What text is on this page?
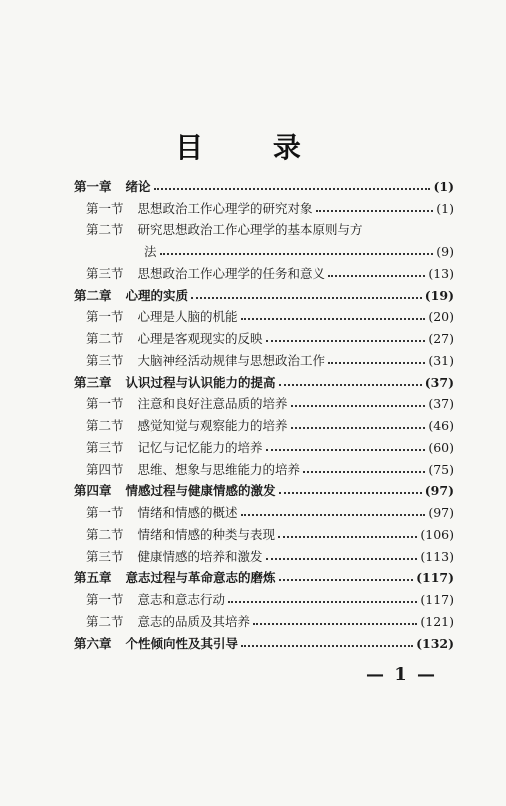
目 录
第一章 绪论	(1)
第一节 思想政治工作心理学的研究对象	(1)
第二节 研究思想政治工作心理学的基本原则与方
法	(9)
第三节 思想政治工作心理学的任务和意义	(13)
第二章 心理的实质	(19)
第一节 心理是人脑的机能	(20)
第二节 心理是客观现实的反映	(27)
第三节 大脑神经活动规律与思想政治工作	(31)
第三章 认识过程与认识能力的提高	(37)
第一节 注意和良好注意品质的培养	(37)
第二节 感觉知觉与观察能力的培养	(46)
第三节 记忆与记忆能力的培养	(60)
第四节 思维、想象与思维能力的培养	(75)
第四章 情感过程与健康情感的激发	(97)
第一节 情绪和情感的概述	(97)
第二节 情绪和情感的种类与表现	(106)
第三节 健康情感的培养和激发	(113)
第五章 意志过程与革命意志的磨炼	(117)
第一节 意志和意志行动	(117)
第二节 意志的品质及其培养	(121)
第六章 个性倾向性及其引导	(132)
— 1 —
